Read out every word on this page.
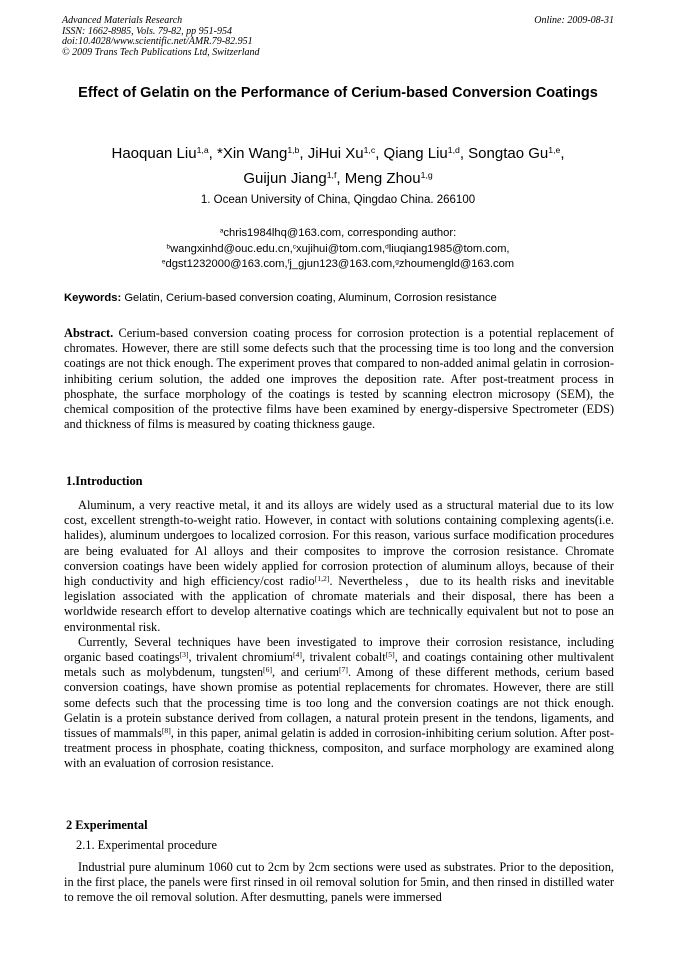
Advanced Materials Research
ISSN: 1662-8985, Vols. 79-82, pp 951-954
doi:10.4028/www.scientific.net/AMR.79-82.951
© 2009 Trans Tech Publications Ltd, Switzerland
Online: 2009-08-31
Effect of Gelatin on the Performance of Cerium-based Conversion Coatings
Haoquan Liu$^{1,a}$, *Xin Wang$^{1,b}$, JiHui Xu$^{1,c}$, Qiang Liu$^{1,d}$, Songtao Gu$^{1,e}$,
Guijun Jiang$^{1,f}$, Meng Zhou$^{1,g}$
1. Ocean University of China, Qingdao China. 266100
$^a$chris1984lhq@163.com, corresponding author:
$^b$wangxinhd@ouc.edu.cn,$^c$xujihui@tom.com,$^d$liuqiang1985@tom.com,
$^e$dgst1232000@163.com,$^f$j_gjun123@163.com,$^g$zhoumengld@163.com
Keywords: Gelatin, Cerium-based conversion coating, Aluminum, Corrosion resistance

Abstract. Cerium-based conversion coating process for corrosion protection is a potential replacement of chromates. However, there are still some defects such that the processing time is too long and the conversion coatings are not thick enough. The experiment proves that compared to non-added animal gelatin in corrosion-inhibiting cerium solution, the added one improves the deposition rate. After post-treatment process in phosphate, the surface morphology of the coatings is tested by scanning electron microsopy (SEM), the chemical composition of the protective films have been examined by energy-dispersive Spectrometer (EDS) and thickness of films is measured by coating thickness gauge.

1.Introduction

Aluminum, a very reactive metal, it and its alloys are widely used as a structural material due to its low cost, excellent strength-to-weight ratio. However, in contact with solutions containing complexing agents(i.e. halides), aluminum undergoes to localized corrosion. For this reason, various surface modification procedures are being evaluated for Al alloys and their composites to improve the corrosion resistance. Chromate conversion coatings have been widely applied for corrosion protection of aluminum alloys, because of their high conductivity and high efficiency/cost radio[1,2]. Nevertheless，due to its health risks and inevitable legislation associated with the application of chromate materials and their disposal, there has been a worldwide research effort to develop alternative coatings which are technically equivalent but not to pose an environmental risk.

Currently, Several techniques have been investigated to improve their corrosion resistance, including organic based coatings[3], trivalent chromium[4], trivalent cobalt[5], and coatings containing other multivalent metals such as molybdenum, tungsten[6], and cerium[7]. Among of these different methods, cerium based conversion coatings, have shown promise as potential replacements for chromates. However, there are still some defects such that the processing time is too long and the conversion coatings are not thick enough. Gelatin is a protein substance derived from collagen, a natural protein present in the tendons, ligaments, and tissues of mammals[8], in this paper, animal gelatin is added in corrosion-inhibiting cerium solution. After post-treatment process in phosphate, coating thickness, compositon, and surface morphology are examined along with an evaluation of corrosion resistance.

2 Experimental
2.1. Experimental procedure

Industrial pure aluminum 1060 cut to 2cm by 2cm sections were used as substrates. Prior to the deposition, in the first place, the panels were first rinsed in oil removal solution for 5min, and then rinsed in distilled water to remove the oil removal solution. After desmutting, panels were immersed
